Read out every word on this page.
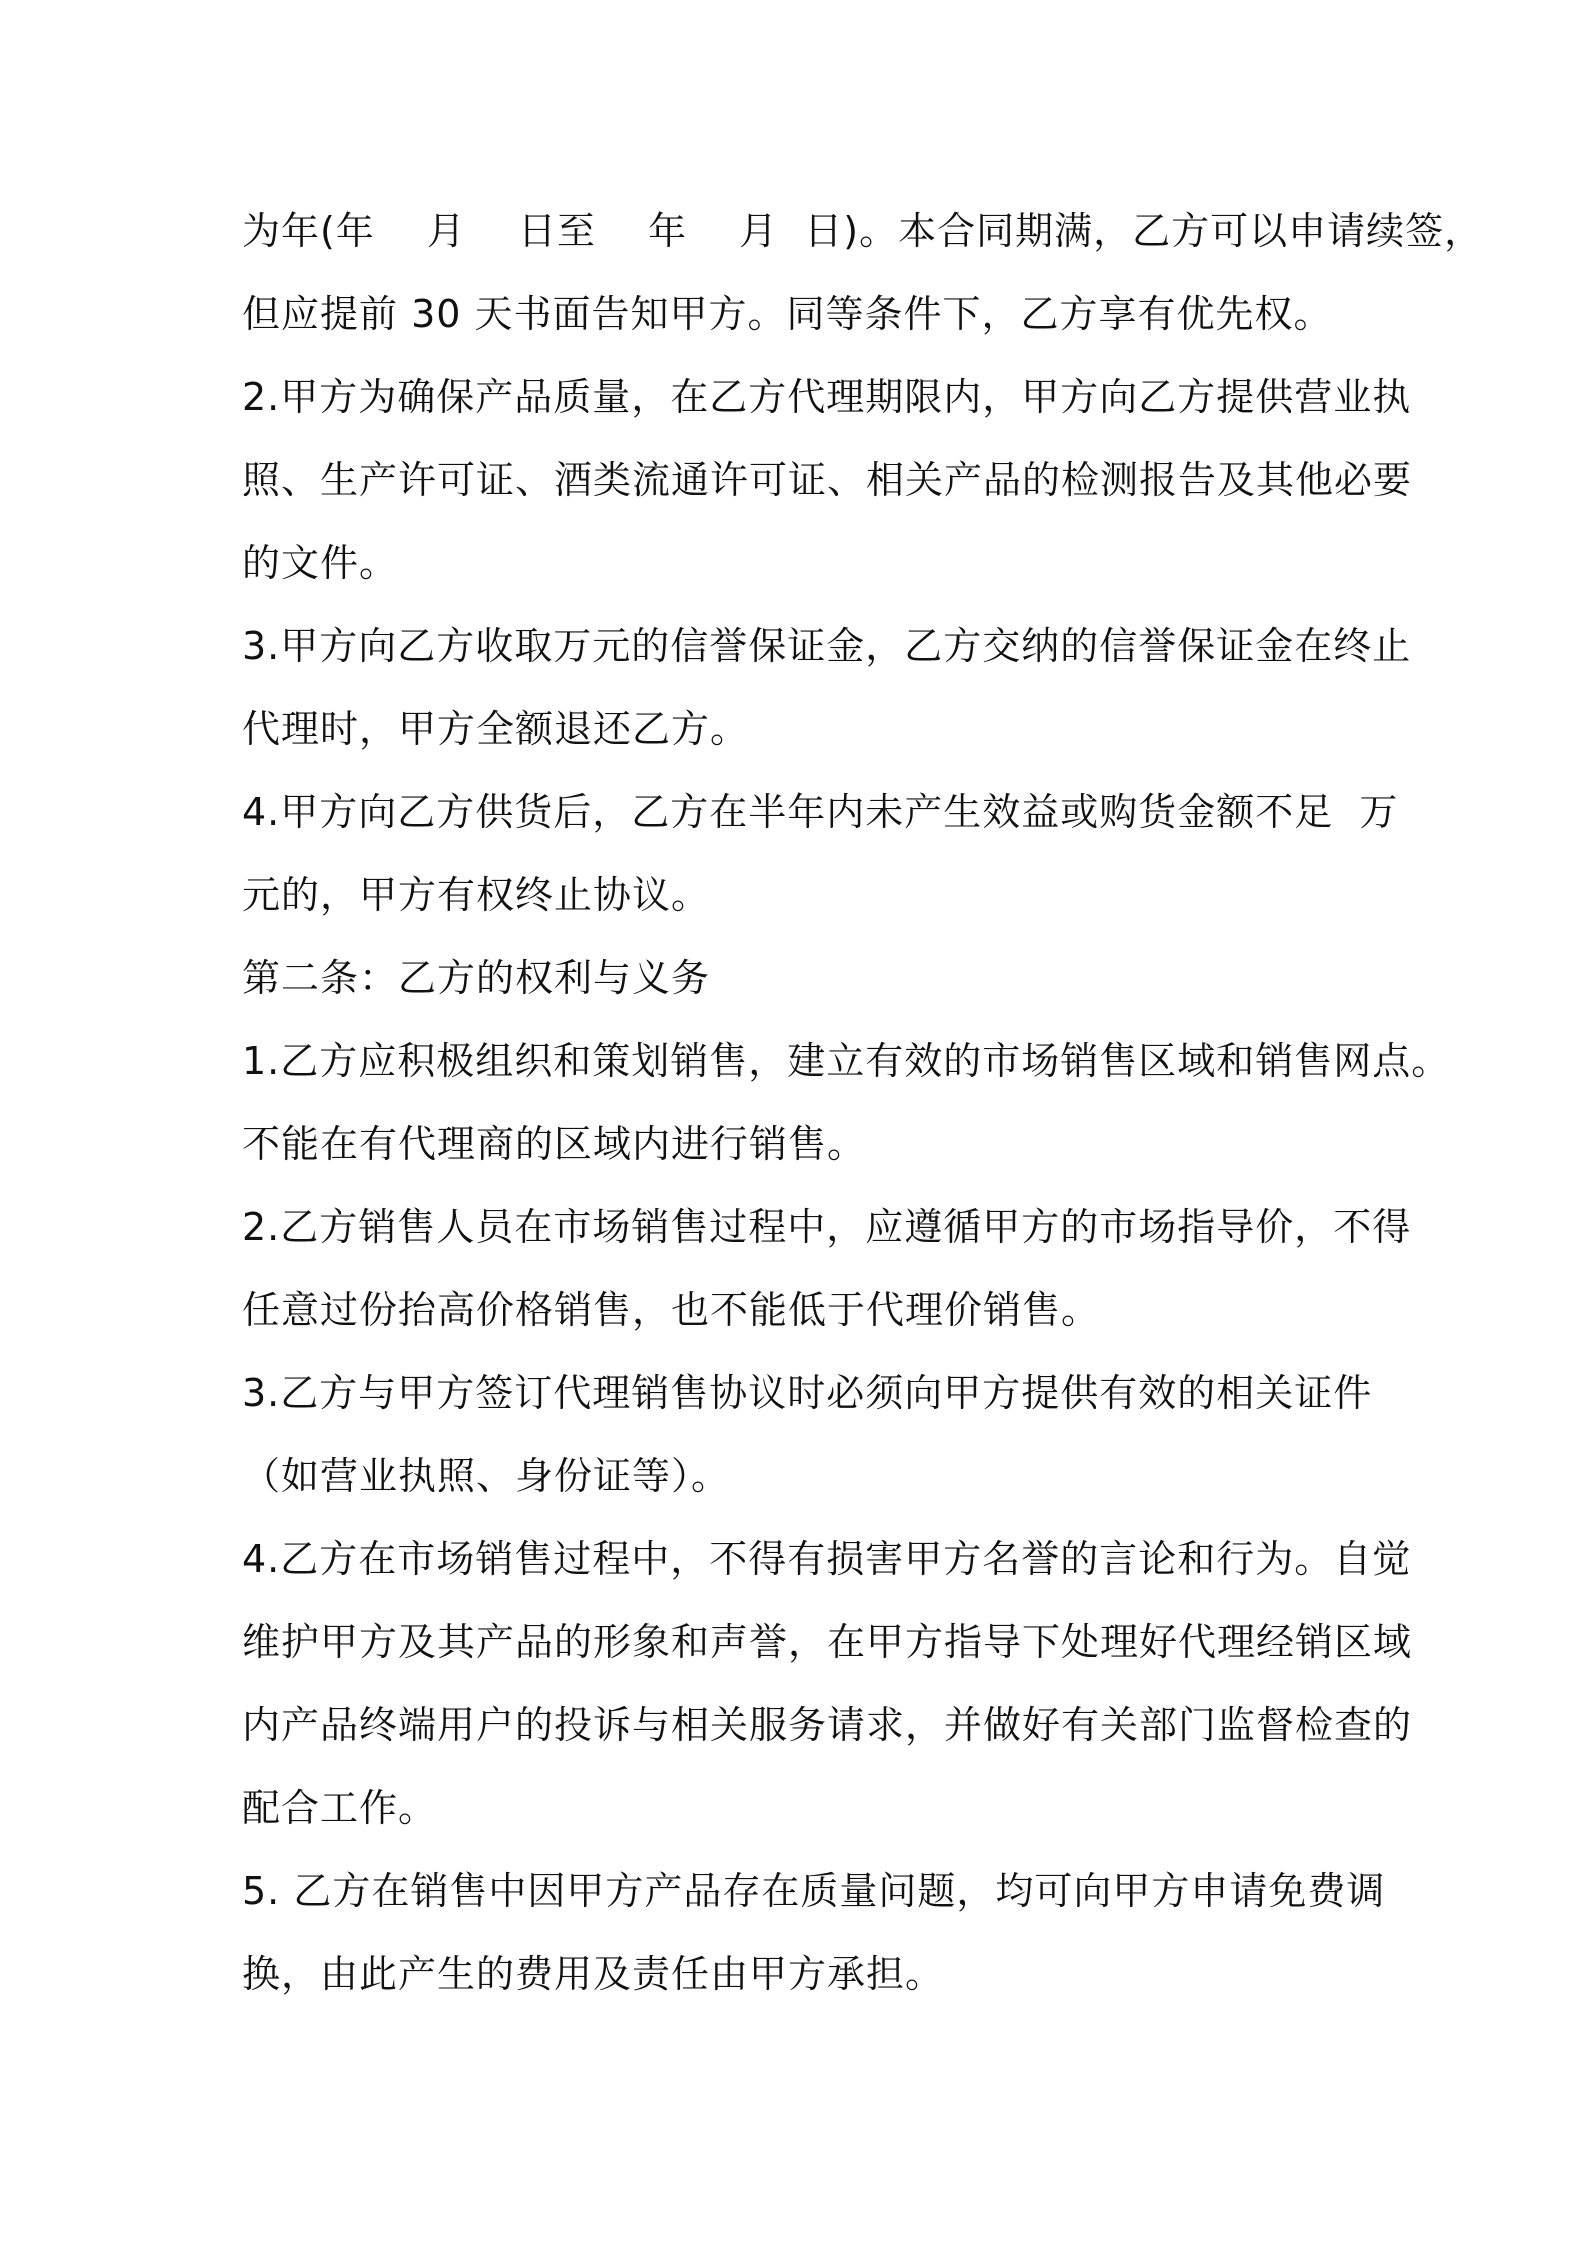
为年(年　 月　 日至　 年　 月  日)。本合同期满，乙方可以申请续签，
但应提前 30 天书面告知甲方。同等条件下，乙方享有优先权。
2.甲方为确保产品质量，在乙方代理期限内，甲方向乙方提供营业执
照、生产许可证、酒类流通许可证、相关产品的检测报告及其他必要
的文件。
3.甲方向乙方收取万元的信誉保证金，乙方交纳的信誉保证金在终止
代理时，甲方全额退还乙方。
4.甲方向乙方供货后，乙方在半年内未产生效益或购货金额不足  万
元的，甲方有权终止协议。
第二条：乙方的权利与义务
1.乙方应积极组织和策划销售，建立有效的市场销售区域和销售网点。
不能在有代理商的区域内进行销售。
2.乙方销售人员在市场销售过程中，应遵循甲方的市场指导价，不得
任意过份抬高价格销售，也不能低于代理价销售。
3.乙方与甲方签订代理销售协议时必须向甲方提供有效的相关证件
（如营业执照、身份证等）。
4.乙方在市场销售过程中，不得有损害甲方名誉的言论和行为。自觉
维护甲方及其产品的形象和声誉，在甲方指导下处理好代理经销区域
内产品终端用户的投诉与相关服务请求，并做好有关部门监督检查的
配合工作。
5. 乙方在销售中因甲方产品存在质量问题，均可向甲方申请免费调
换，由此产生的费用及责任由甲方承担。
